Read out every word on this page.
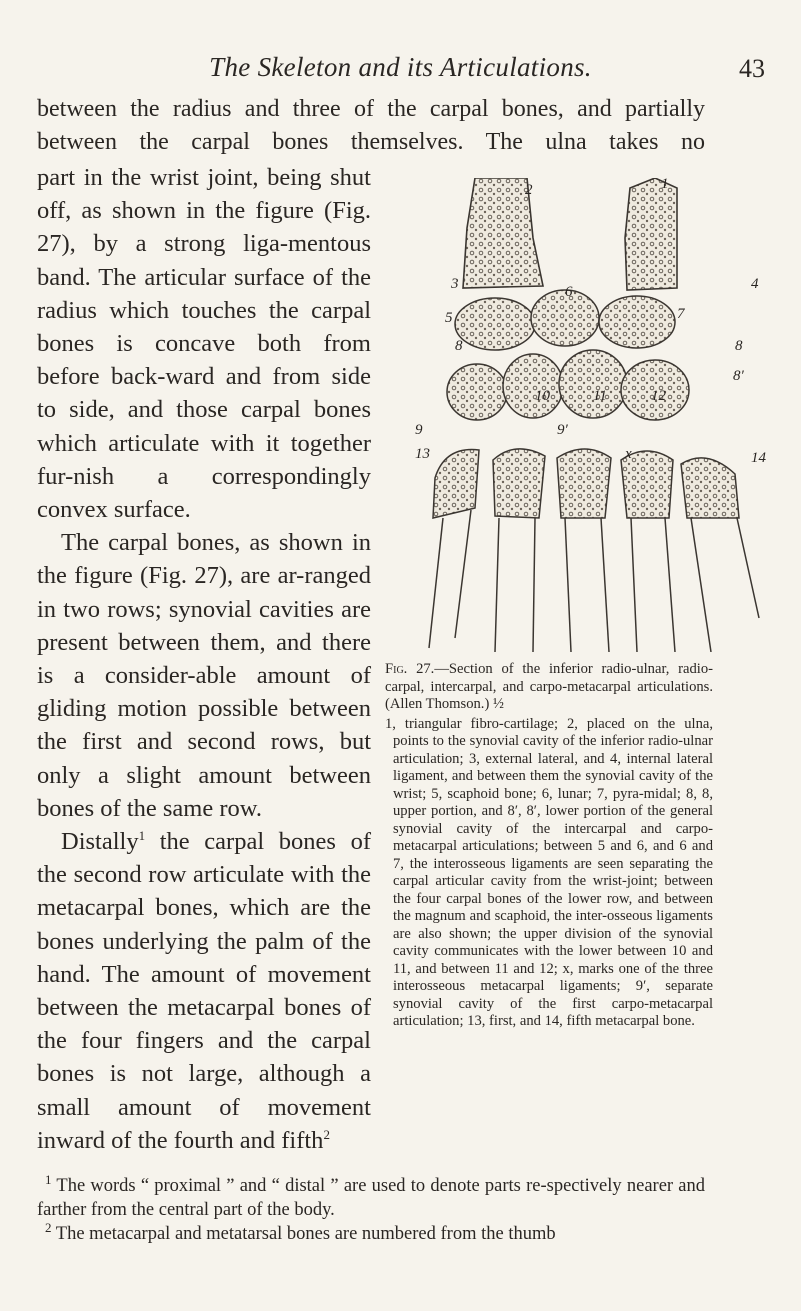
The Skeleton and its Articulations.	43
between the radius and three of the carpal bones, and partially
between the carpal bones themselves. The ulna takes no

part in the wrist joint, being shut off, as shown in the figure (Fig. 27), by a strong liga-mentous band. The articular surface of the radius which touches the carpal bones is concave both from before back-ward and from side to side, and those carpal bones which articulate with it together fur-nish a correspondingly convex surface.

The carpal bones, as shown in the figure (Fig. 27), are ar-ranged in two rows; synovial cavities are present between them, and there is a consider-able amount of gliding motion possible between the first and second rows, but only a slight amount between bones of the same row.

Distally$^1$ the carpal bones of the second row articulate with the metacarpal bones, which are the bones underlying the palm of the hand. The amount of movement between the metacarpal bones of the four fingers and the carpal bones is not large, although a small amount of movement inward of the fourth and fifth$^2$

1
2
3	4
5
6
7
8	8
8′
9	9′
x
10	11	12
13	14
Fig. 27.—Section of the inferior radio-ulnar, radio-carpal, intercarpal, and carpo-metacarpal articulations. (Allen Thomson.) ½
1, triangular fibro-cartilage; 2, placed on the ulna, points to the synovial cavity of the inferior radio-ulnar articulation; 3, external lateral, and 4, internal lateral ligament, and between them the synovial cavity of the wrist; 5, scaphoid bone; 6, lunar; 7, pyra-midal; 8, 8, upper portion, and 8′, 8′, lower portion of the general synovial cavity of the intercarpal and carpo-metacarpal articulations; between 5 and 6, and 6 and 7, the interosseous ligaments are seen separating the carpal articular cavity from the wrist-joint; between the four carpal bones of the lower row, and between the magnum and scaphoid, the inter-osseous ligaments are also shown; the upper division of the synovial cavity communicates with the lower between 10 and 11, and between 11 and 12; x, marks one of the three interosseous metacarpal ligaments; 9′, separate synovial cavity of the first carpo-metacarpal articulation; 13, first, and 14, fifth metacarpal bone.

$^1$ The words “ proximal ” and “ distal ” are used to denote parts re-spectively nearer and farther from the central part of the body.

$^2$ The metacarpal and metatarsal bones are numbered from the thumb
